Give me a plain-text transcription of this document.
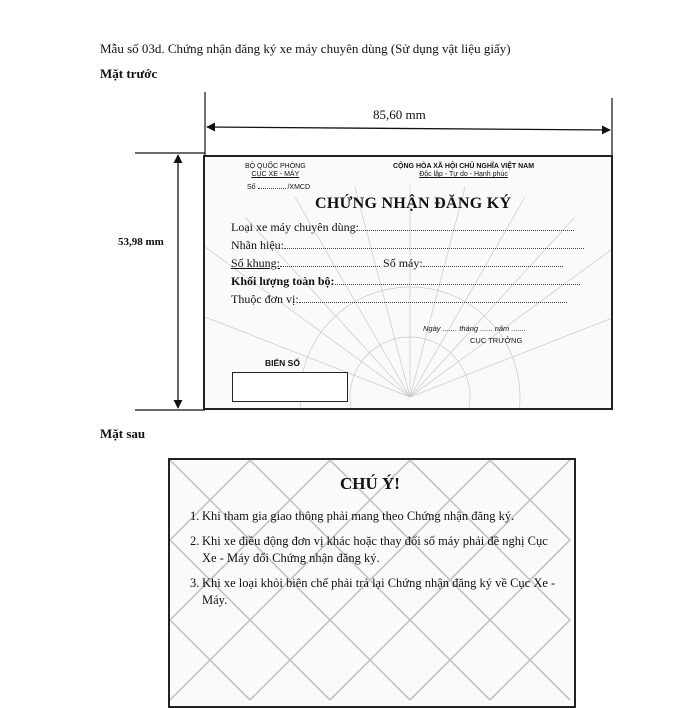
Mẫu số 03d. Chứng nhận đăng ký xe máy chuyên dùng (Sử dụng vật liệu giấy)
Mặt trước
85,60 mm
53,98 mm
BỘ QUỐC PHÒNG
CỤC XE - MÁY
Số	/XMCD
CỘNG HÒA XÃ HỘI CHỦ NGHĨA VIỆT NAM
Độc lập - Tự do - Hạnh phúc
CHỨNG NHẬN ĐĂNG KÝ
Loại xe máy chuyên dùng:
Nhãn hiệu:
Số khung:	Số máy:
Khối lượng toàn bộ:
Thuộc đơn vị:
Ngày ....... tháng ...... năm .......
CỤC TRƯỞNG
BIỂN SỐ
Mặt sau
CHÚ Ý!
1. Khi tham gia giao thông phải mang theo Chứng nhận đăng ký.
2. Khi xe điều động đơn vị khác hoặc thay đổi số máy phải đề nghị Cục Xe - Máy đổi Chứng nhận đăng ký.
3. Khi xe loại khỏi biên chế phải trả lại Chứng nhận đăng ký về Cục Xe - Máy.
